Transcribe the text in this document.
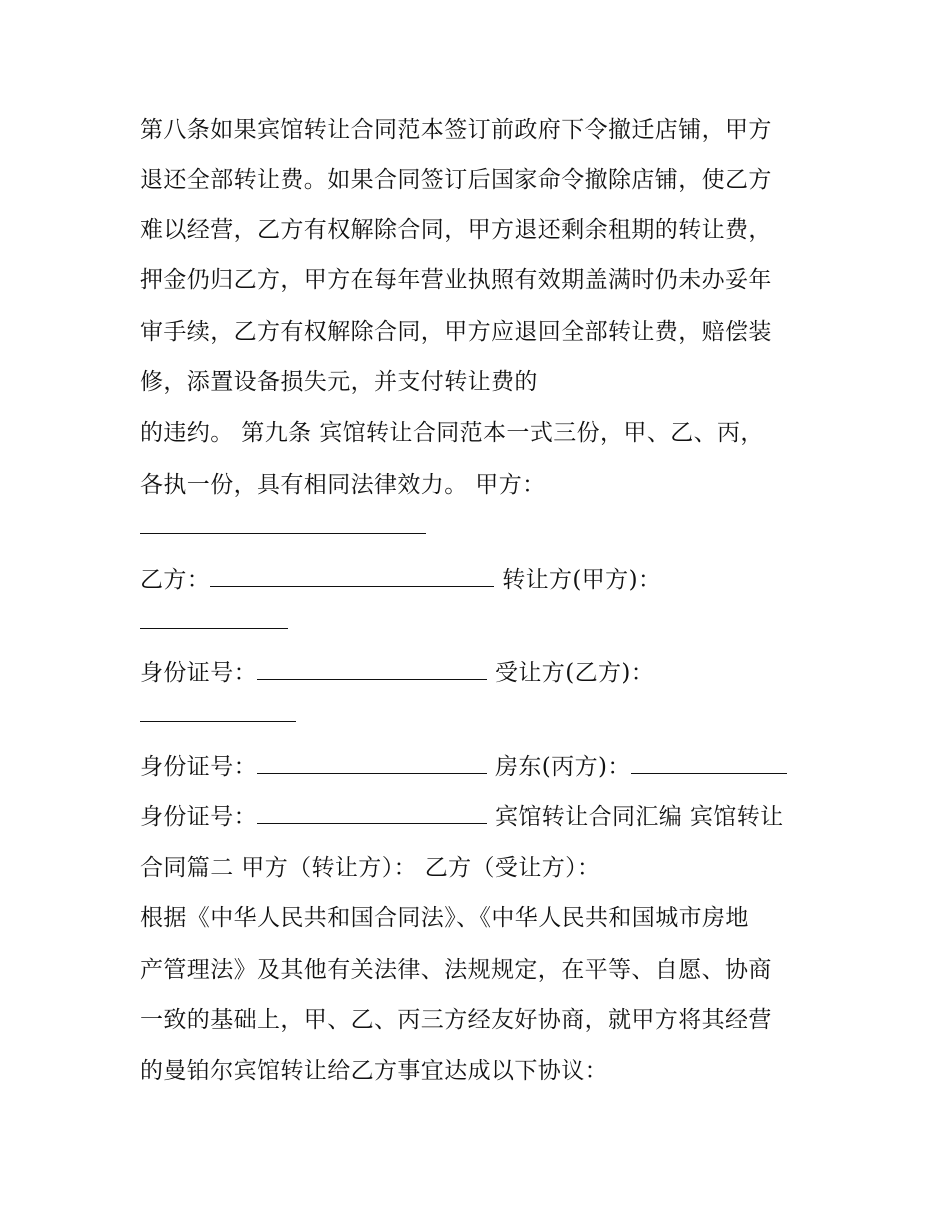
第八条如果宾馆转让合同范本签订前政府下令撤迁店铺，甲方
退还全部转让费。如果合同签订后国家命令撤除店铺，使乙方
难以经营，乙方有权解除合同，甲方退还剩余租期的转让费，
押金仍归乙方，甲方在每年营业执照有效期盖满时仍未办妥年
审手续，乙方有权解除合同，甲方应退回全部转让费，赔偿装
修，添置设备损失元，并支付转让费的
的违约。 第九条 宾馆转让合同范本一式三份，甲、乙、丙，
各执一份，具有相同法律效力。 甲方：
乙方：	转让方(甲方)：
身份证号：	受让方(乙方)：
身份证号：	房东(丙方)：
身份证号：	宾馆转让合同汇编 宾馆转让
合同篇二 甲方（转让方）： 乙方（受让方）：
根据《中华人民共和国合同法》、《中华人民共和国城市房地
产管理法》及其他有关法律、法规规定，在平等、自愿、协商
一致的基础上，甲、乙、丙三方经友好协商，就甲方将其经营
的曼铂尔宾馆转让给乙方事宜达成以下协议：
